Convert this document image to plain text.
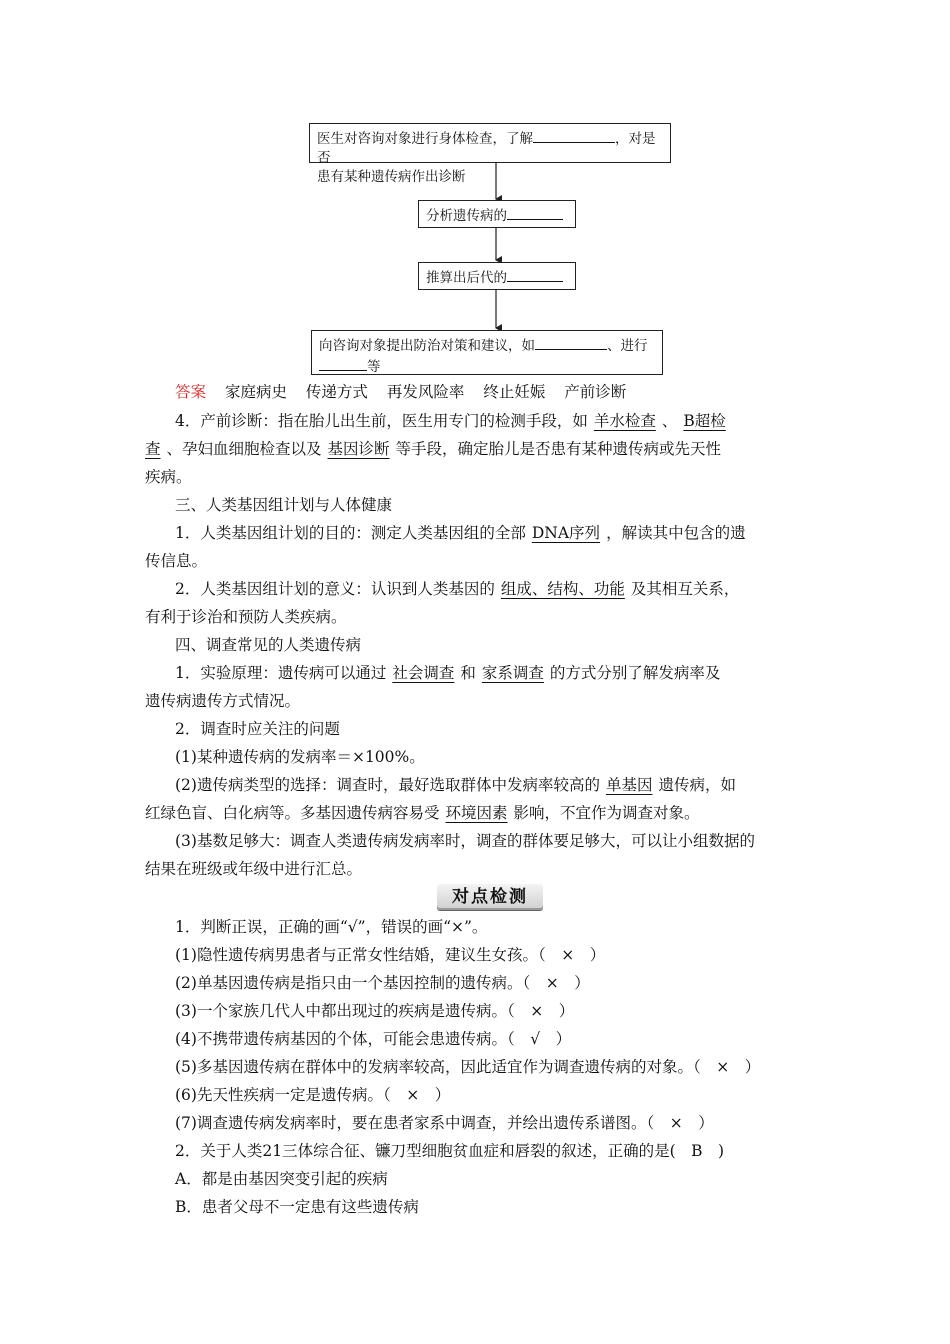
医生对咨询对象进行身体检查，了解	，对是否
患有某种遗传病作出诊断
分析遗传病的
推算出后代的
向咨询对象提出防治对策和建议，如	、进行
等
答案 家庭病史 传递方式 再发风险率 终止妊娠 产前诊断
4．产前诊断：指在胎儿出生前，医生用专门的检测手段，如 羊水检查 、 B超检
查 、孕妇血细胞检查以及 基因诊断 等手段，确定胎儿是否患有某种遗传病或先天性
疾病。
三、人类基因组计划与人体健康
1．人类基因组计划的目的：测定人类基因组的全部 DNA序列 ，解读其中包含的遗
传信息。
2．人类基因组计划的意义：认识到人类基因的 组成、结构、功能 及其相互关系，
有利于诊治和预防人类疾病。
四、调查常见的人类遗传病
1．实验原理：遗传病可以通过 社会调查 和 家系调查 的方式分别了解发病率及
遗传病遗传方式情况。
2．调查时应关注的问题
(1)某种遗传病的发病率＝×100%。
(2)遗传病类型的选择：调查时，最好选取群体中发病率较高的 单基因 遗传病，如
红绿色盲、白化病等。多基因遗传病容易受 环境因素 影响，不宜作为调查对象。
(3)基数足够大：调查人类遗传病发病率时，调查的群体要足够大，可以让小组数据的
结果在班级或年级中进行汇总。
对点检测
1．判断正误，正确的画“√”，错误的画“×”。
(1)隐性遗传病男患者与正常女性结婚，建议生女孩。（　×　）
(2)单基因遗传病是指只由一个基因控制的遗传病。（　×　）
(3)一个家族几代人中都出现过的疾病是遗传病。（　×　）
(4)不携带遗传病基因的个体，可能会患遗传病。（　√　）
(5)多基因遗传病在群体中的发病率较高，因此适宜作为调查遗传病的对象。（　×　）
(6)先天性疾病一定是遗传病。（　×　）
(7)调查遗传病发病率时，要在患者家系中调查，并绘出遗传系谱图。（　×　）
2．关于人类21三体综合征、镰刀型细胞贫血症和唇裂的叙述，正确的是(　B　)
A．都是由基因突变引起的疾病
B．患者父母不一定患有这些遗传病
